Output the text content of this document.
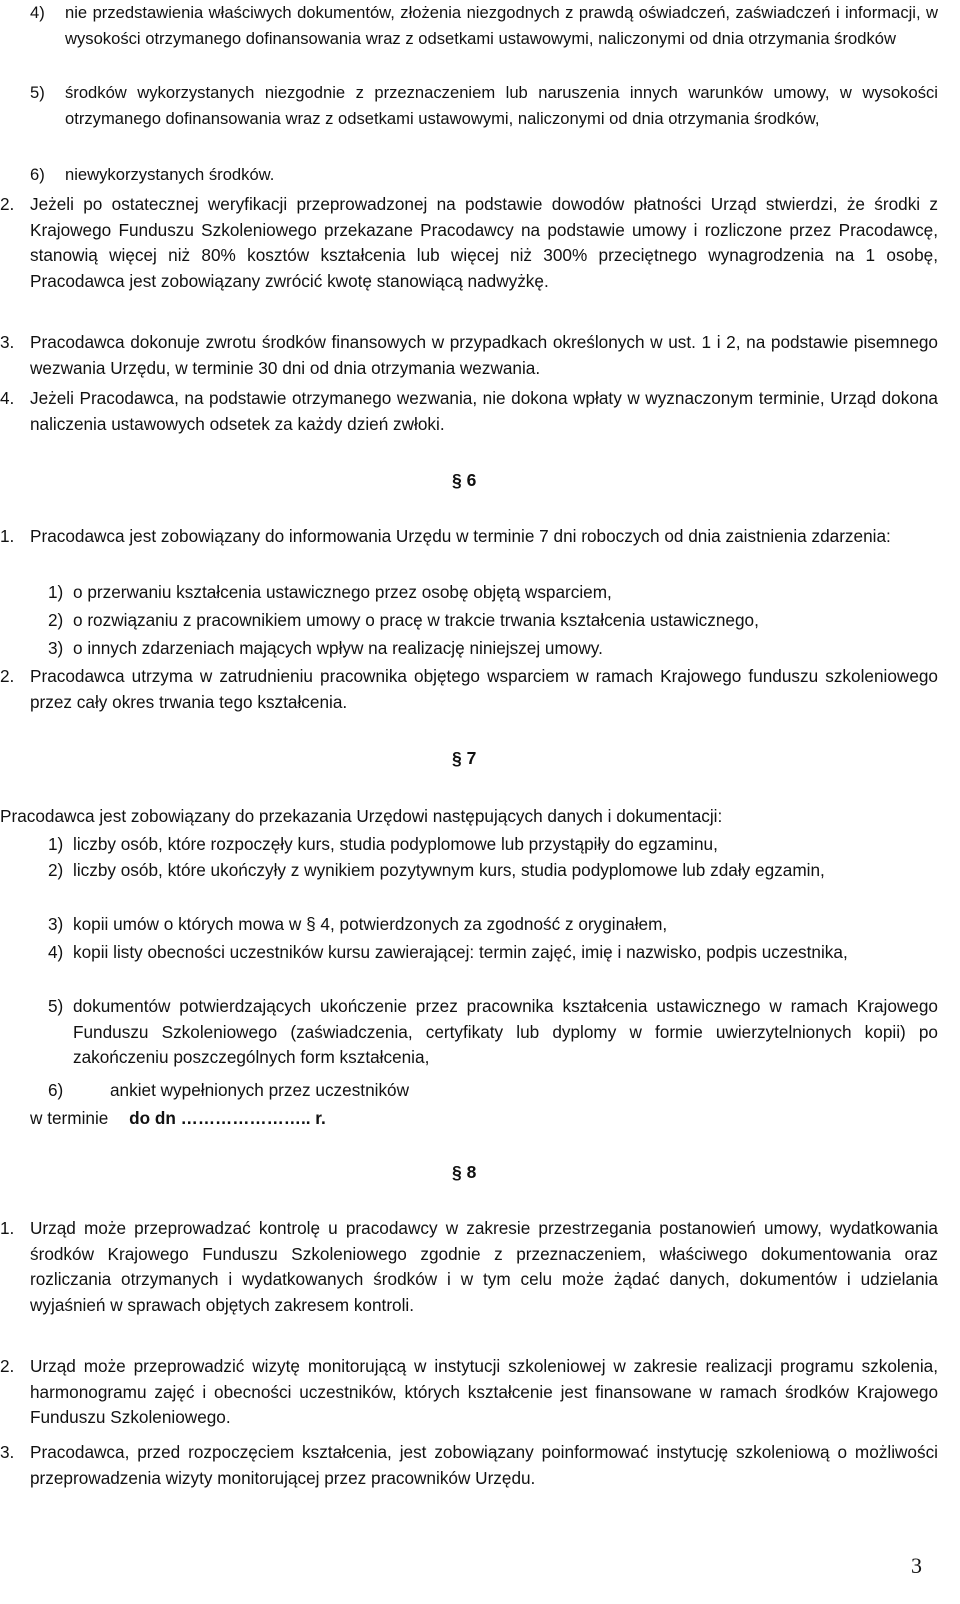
4) nie przedstawienia właściwych dokumentów, złożenia niezgodnych z prawdą oświadczeń, zaświadczeń i informacji, w wysokości otrzymanego dofinansowania wraz z odsetkami ustawowymi, naliczonymi od dnia otrzymania środków
5) środków wykorzystanych niezgodnie z przeznaczeniem lub naruszenia innych warunków umowy, w wysokości otrzymanego dofinansowania wraz z odsetkami ustawowymi, naliczonymi od dnia otrzymania środków,
6) niewykorzystanych środków.
2. Jeżeli po ostatecznej weryfikacji przeprowadzonej na podstawie dowodów płatności Urząd stwierdzi, że środki z Krajowego Funduszu Szkoleniowego przekazane Pracodawcy na podstawie umowy i rozliczone przez Pracodawcę, stanowią więcej niż 80% kosztów kształcenia lub więcej niż 300% przeciętnego wynagrodzenia na 1 osobę, Pracodawca jest zobowiązany zwrócić kwotę stanowiącą nadwyżkę.
3. Pracodawca dokonuje zwrotu środków finansowych w przypadkach określonych w ust. 1 i 2, na podstawie pisemnego wezwania Urzędu, w terminie 30 dni od dnia otrzymania wezwania.
4. Jeżeli Pracodawca, na podstawie otrzymanego wezwania, nie dokona wpłaty w wyznaczonym terminie, Urząd dokona naliczenia ustawowych odsetek za każdy dzień zwłoki.
§ 6
1. Pracodawca jest zobowiązany do informowania Urzędu w terminie 7 dni roboczych od dnia zaistnienia zdarzenia:
1) o przerwaniu kształcenia ustawicznego przez osobę objętą wsparciem,
2) o rozwiązaniu z pracownikiem umowy o pracę w trakcie trwania kształcenia ustawicznego,
3) o innych zdarzeniach mających wpływ na realizację niniejszej umowy.
2. Pracodawca utrzyma w zatrudnieniu pracownika objętego wsparciem w ramach Krajowego funduszu szkoleniowego przez cały okres trwania tego kształcenia.
§ 7
Pracodawca jest zobowiązany do przekazania Urzędowi następujących danych i dokumentacji:
1) liczby osób, które rozpoczęły kurs, studia podyplomowe lub przystąpiły do egzaminu,
2) liczby osób, które ukończyły z wynikiem pozytywnym kurs, studia podyplomowe lub zdały egzamin,
3) kopii umów o których mowa w § 4, potwierdzonych za zgodność z oryginałem,
4) kopii listy obecności uczestników kursu zawierającej: termin zajęć, imię i nazwisko, podpis uczestnika,
5) dokumentów potwierdzających ukończenie przez pracownika kształcenia ustawicznego w ramach Krajowego Funduszu Szkoleniowego (zaświadczenia, certyfikaty lub dyplomy w formie uwierzytelnionych kopii) po zakończeniu poszczególnych form kształcenia,
6)	ankiet wypełnionych przez uczestników
w terminie do dn ………………….. r.
§ 8
1. Urząd może przeprowadzać kontrolę u pracodawcy w zakresie przestrzegania postanowień umowy, wydatkowania środków Krajowego Funduszu Szkoleniowego zgodnie z przeznaczeniem, właściwego dokumentowania oraz rozliczania otrzymanych i wydatkowanych środków i w tym celu może żądać danych, dokumentów i udzielania wyjaśnień w sprawach objętych zakresem kontroli.
2. Urząd może przeprowadzić wizytę monitorującą w instytucji szkoleniowej w zakresie realizacji programu szkolenia, harmonogramu zajęć i obecności uczestników, których kształcenie jest finansowane w ramach środków Krajowego Funduszu Szkoleniowego.
3. Pracodawca, przed rozpoczęciem kształcenia, jest zobowiązany poinformować instytucję szkoleniową o możliwości przeprowadzenia wizyty monitorującej przez pracowników Urzędu.
3
